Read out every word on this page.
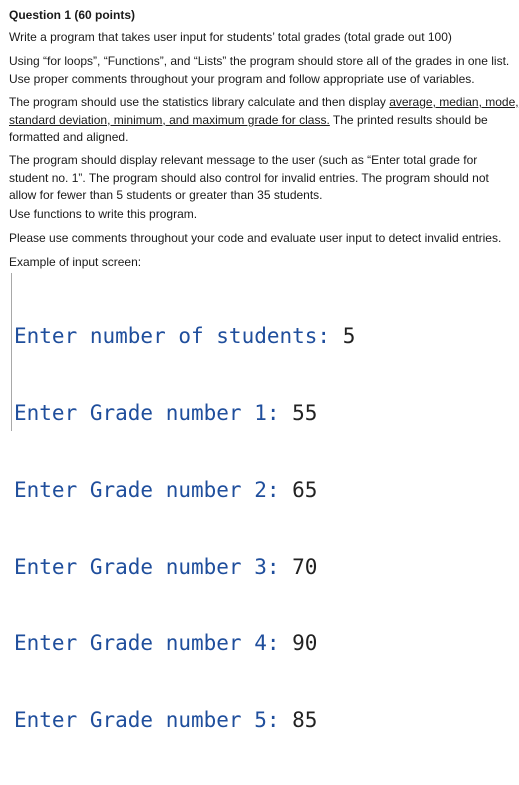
Question 1 (60 points)
Write a program that takes user input for students’ total grades (total grade out 100)
Using “for loops”, “Functions”, and “Lists” the program should store all of the grades in one list.
Use proper comments throughout your program and follow appropriate use of variables.
The program should use the statistics library calculate and then display average, median, mode,
standard deviation, minimum, and maximum grade for class. The printed results should be
formatted and aligned.
The program should display relevant message to the user (such as “Enter total grade for
student no. 1”. The program should also control for invalid entries. The program should not
allow for fewer than 5 students or greater than 35 students.
Use functions to write this program.
Please use comments throughout your code and evaluate user input to detect invalid entries.
Example of input screen:

Enter number of students: 5

Enter Grade number 1: 55

Enter Grade number 2: 65

Enter Grade number 3: 70

Enter Grade number 4: 90

Enter Grade number 5: 85
